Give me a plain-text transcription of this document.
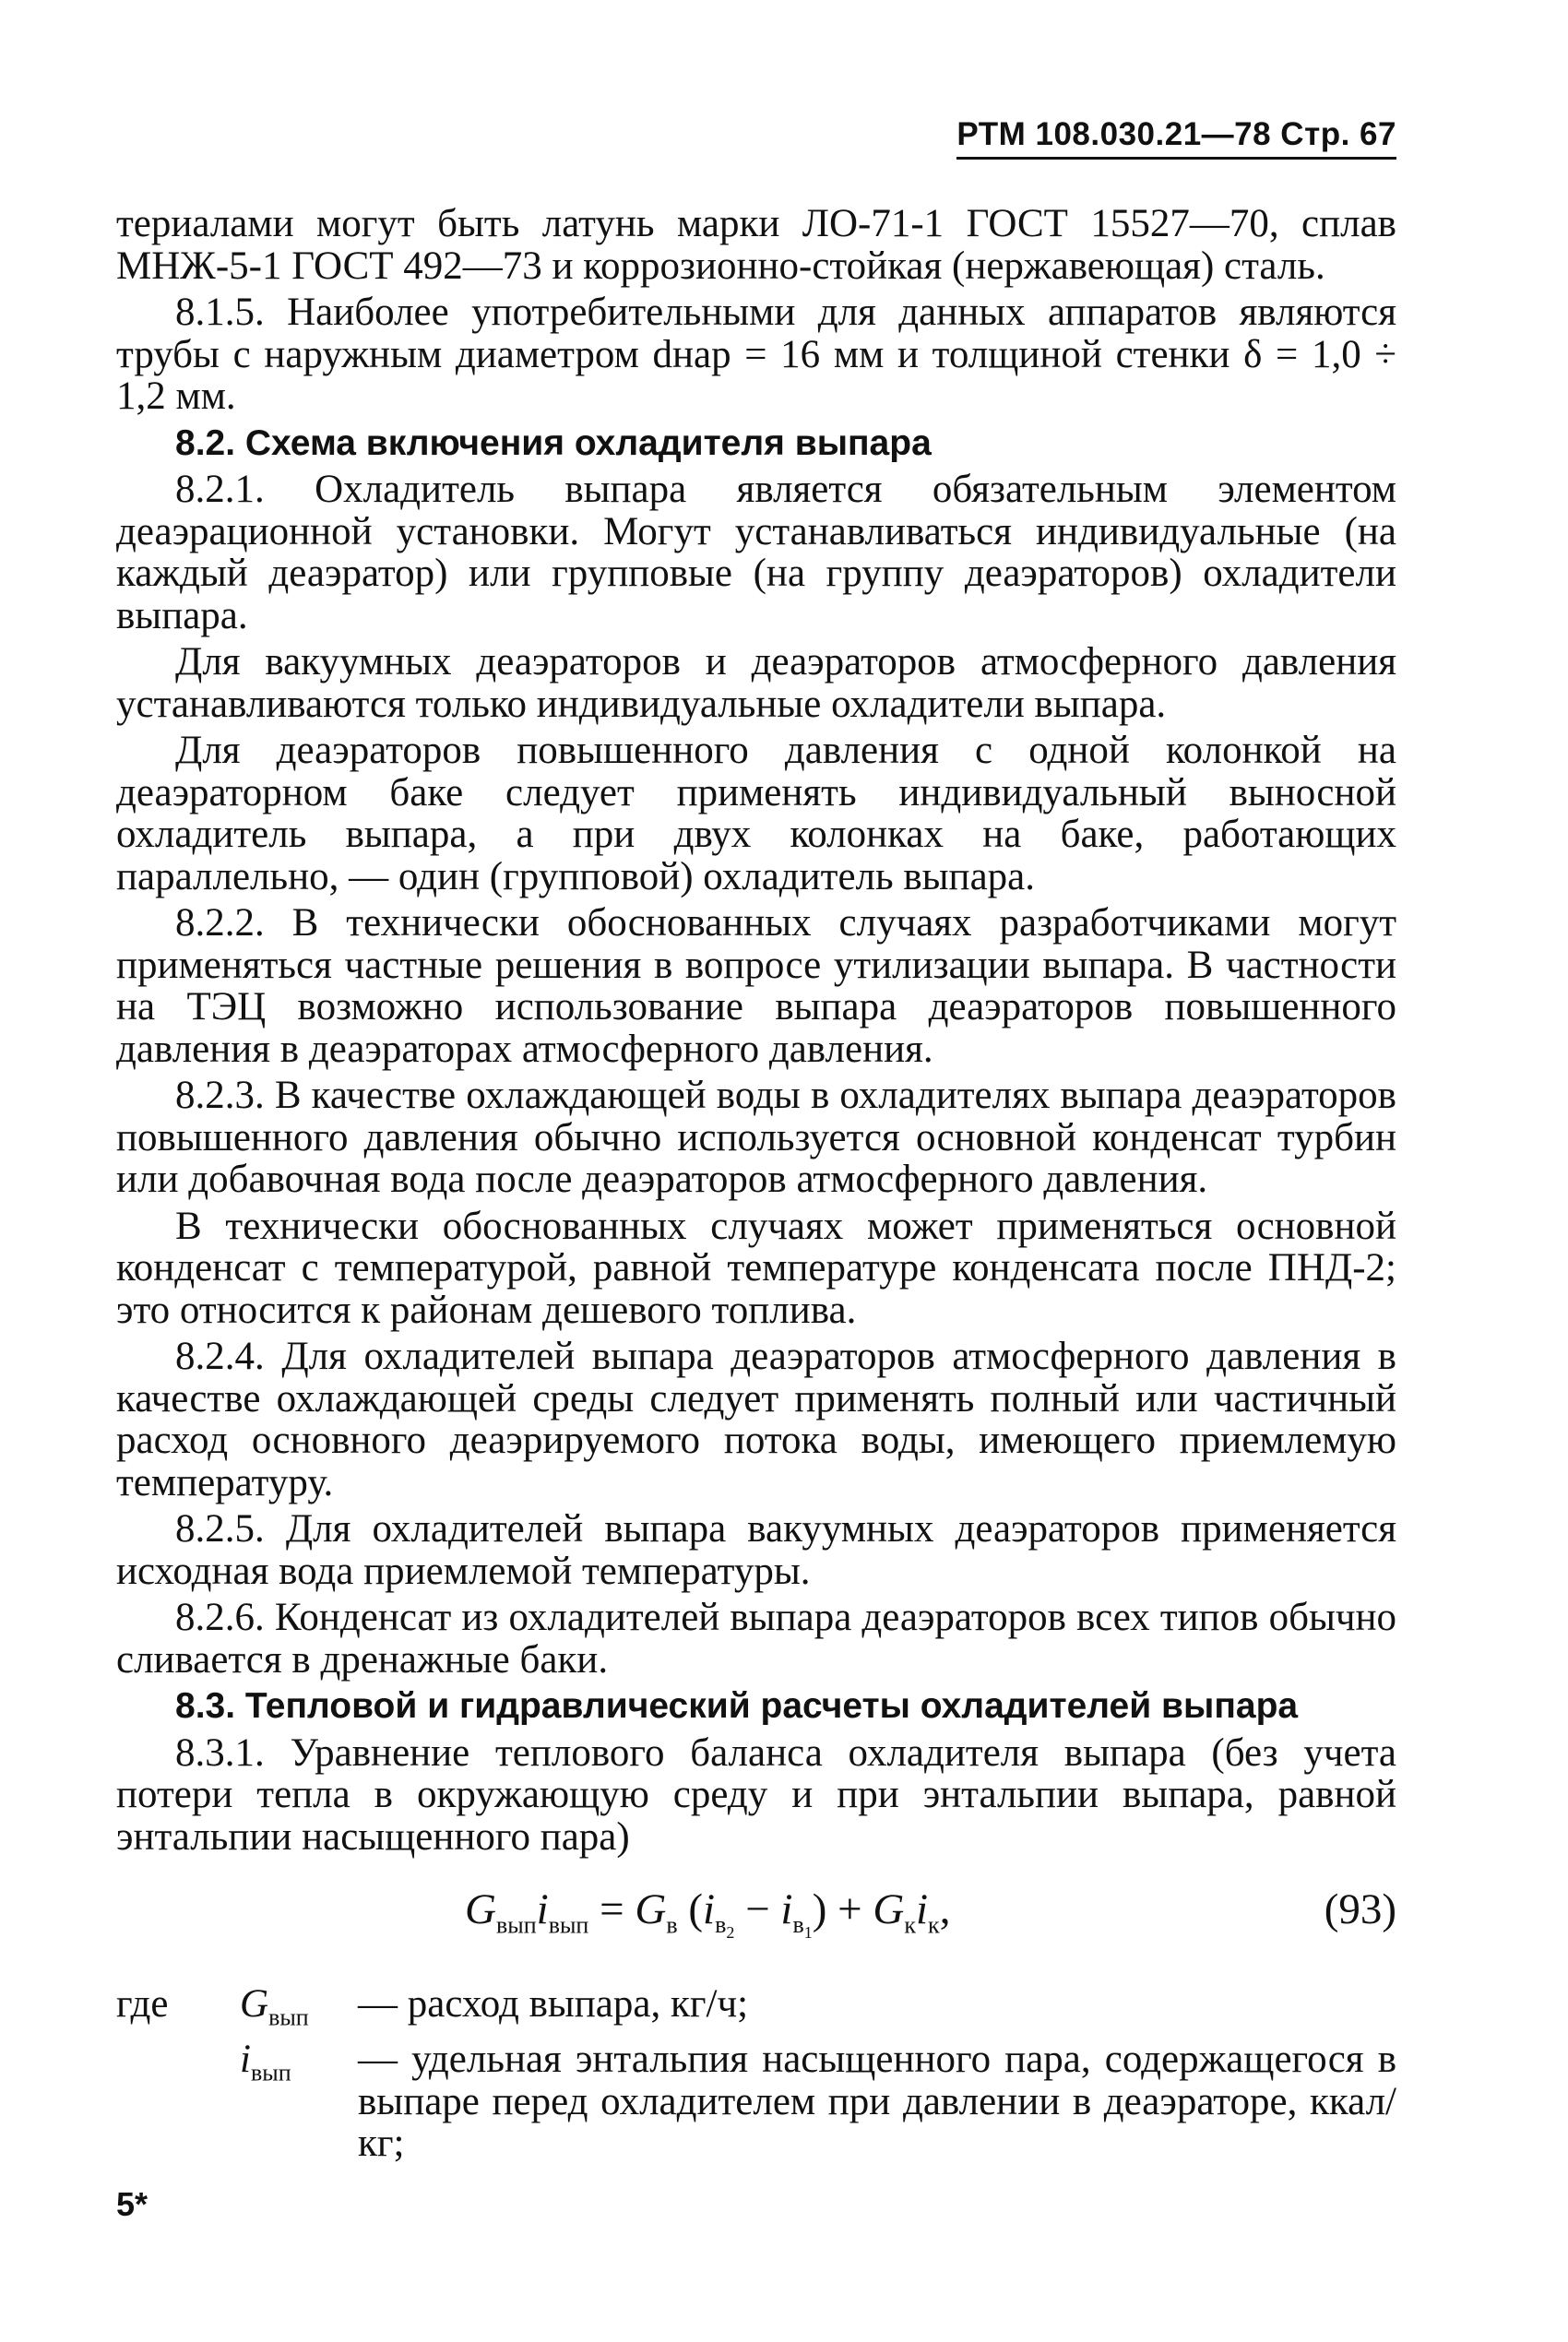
РТМ 108.030.21—78 Стр. 67

териалами могут быть латунь марки ЛО-71-1 ГОСТ 15527—70, сплав МНЖ-5-1 ГОСТ 492—73 и коррозионно-стойкая (нержавеющая) сталь.

8.1.5. Наиболее употребительными для данных аппаратов являются трубы с наружным диаметром dнар = 16 мм и толщиной стенки δ = 1,0 ÷ 1,2 мм.

8.2. Схема включения охладителя выпара

8.2.1. Охладитель выпара является обязательным элементом деаэрационной установки. Могут устанавливаться индивидуальные (на каждый деаэратор) или групповые (на группу деаэраторов) охладители выпара.

Для вакуумных деаэраторов и деаэраторов атмосферного давления устанавливаются только индивидуальные охладители выпара.

Для деаэраторов повышенного давления с одной колонкой на деаэраторном баке следует применять индивидуальный выносной охладитель выпара, а при двух колонках на баке, работающих параллельно, — один (групповой) охладитель выпара.

8.2.2. В технически обоснованных случаях разработчиками могут применяться частные решения в вопросе утилизации выпара. В частности на ТЭЦ возможно использование выпара деаэраторов повышенного давления в деаэраторах атмосферного давления.

8.2.3. В качестве охлаждающей воды в охладителях выпара деаэраторов повышенного давления обычно используется основной конденсат турбин или добавочная вода после деаэраторов атмосферного давления.

В технически обоснованных случаях может применяться основной конденсат с температурой, равной температуре конденсата после ПНД-2; это относится к районам дешевого топлива.

8.2.4. Для охладителей выпара деаэраторов атмосферного давления в качестве охлаждающей среды следует применять полный или частичный расход основного деаэрируемого потока воды, имеющего приемлемую температуру.

8.2.5. Для охладителей выпара вакуумных деаэраторов применяется исходная вода приемлемой температуры.

8.2.6. Конденсат из охладителей выпара деаэраторов всех типов обычно сливается в дренажные баки.

8.3. Тепловой и гидравлический расчеты охладителей выпара

8.3.1. Уравнение теплового баланса охладителя выпара (без учета потери тепла в окружающую среду и при энтальпии выпара, равной энтальпии насыщенного пара)

$G_{вып}i_{вып} = G_в$ $(i_{в_2} - i_{в_1}) + G_кi_к$,	(93)
где	$G_{вып}$	— расход выпара, кг/ч;
$i_{вып}$	— удельная энтальпия насыщенного пара, содержащегося в выпаре перед охладителем при давлении в деаэраторе, ккал/кг;
5*
